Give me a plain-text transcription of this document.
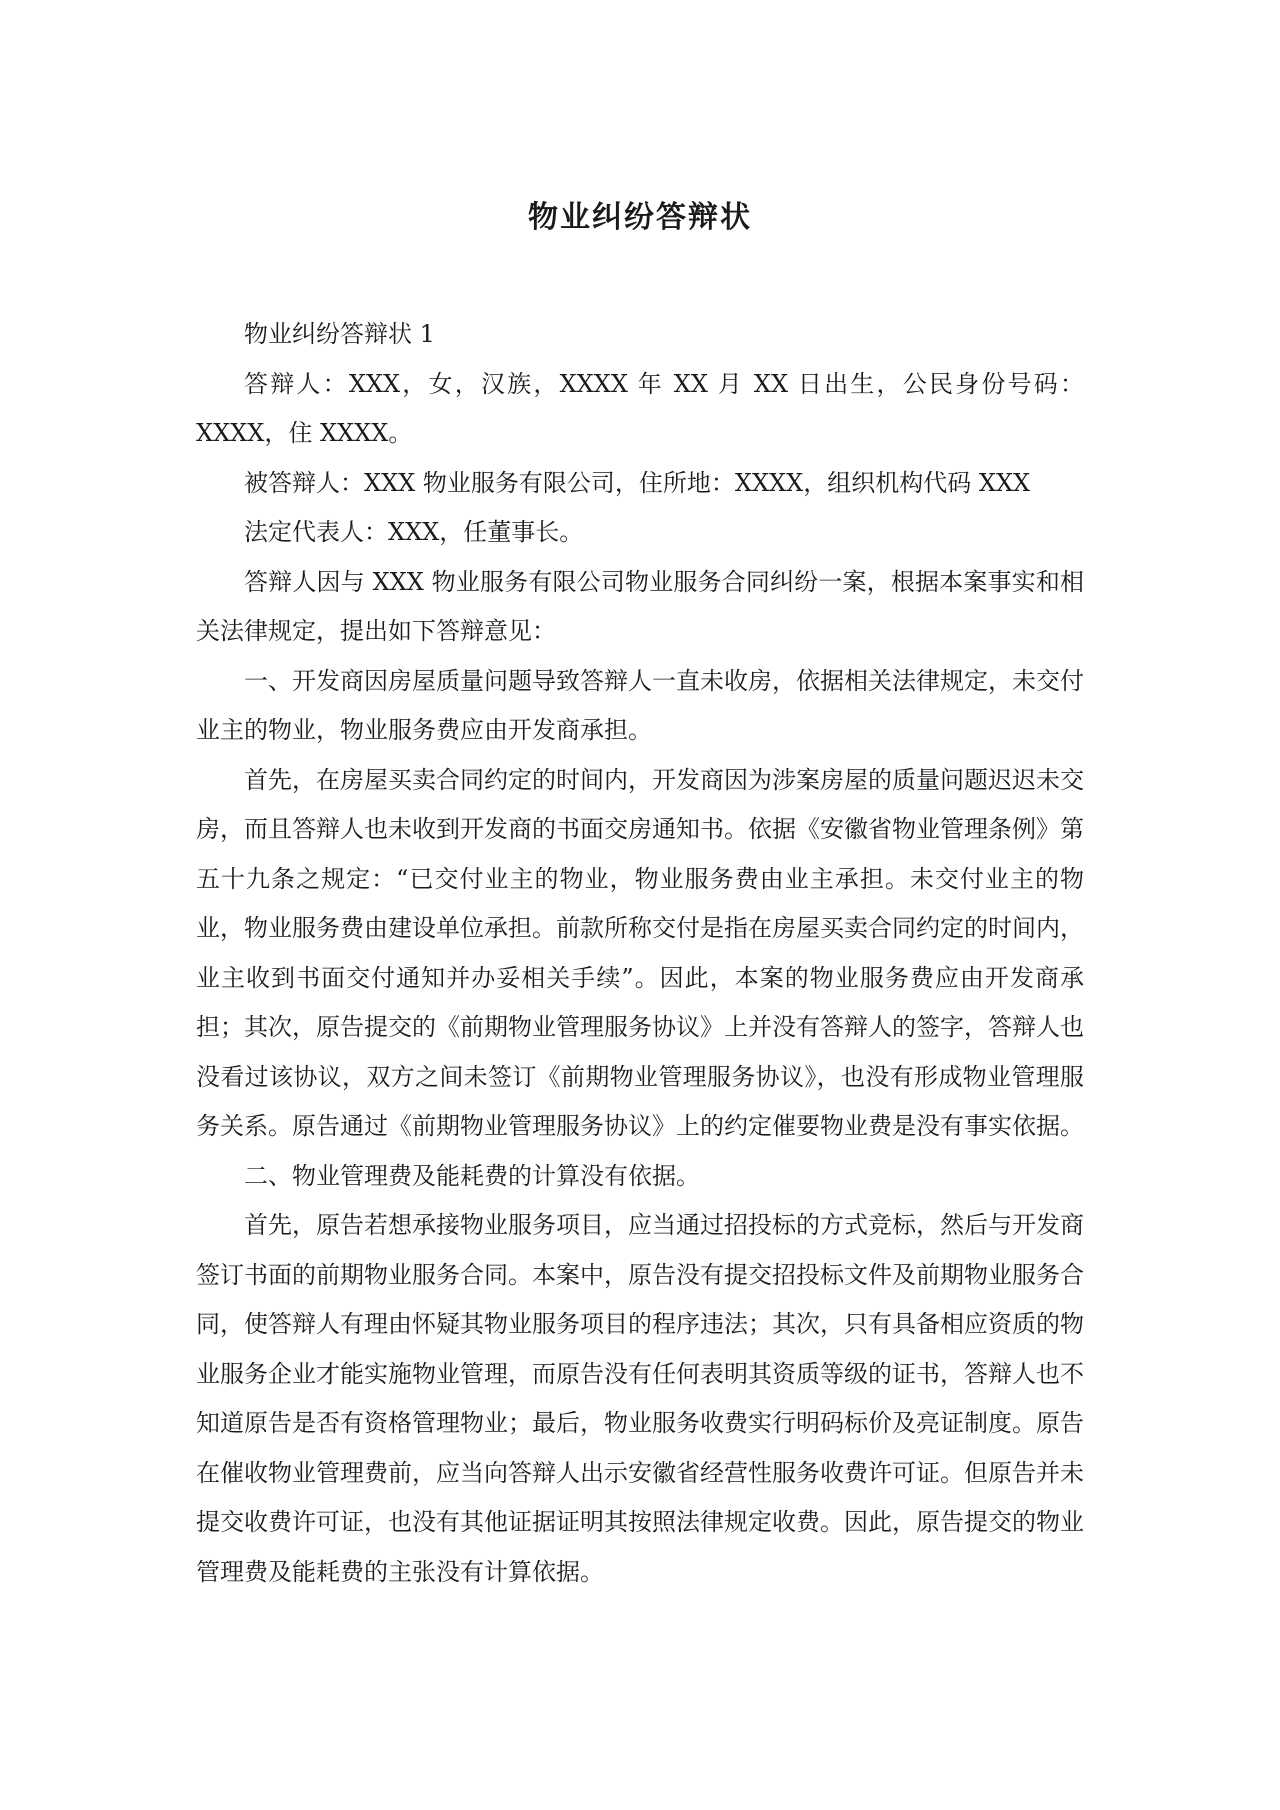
物业纠纷答辩状

物业纠纷答辩状 1

答辩人：XXX，女，汉族，XXXX 年 XX 月 XX 日出生，公民身份号码：XXXX，住 XXXX。

被答辩人：XXX 物业服务有限公司，住所地：XXXX，组织机构代码 XXX

法定代表人：XXX，任董事长。

答辩人因与 XXX 物业服务有限公司物业服务合同纠纷一案，根据本案事实和相关法律规定，提出如下答辩意见：

一、开发商因房屋质量问题导致答辩人一直未收房，依据相关法律规定，未交付业主的物业，物业服务费应由开发商承担。

首先，在房屋买卖合同约定的时间内，开发商因为涉案房屋的质量问题迟迟未交房，而且答辩人也未收到开发商的书面交房通知书。依据《安徽省物业管理条例》第五十九条之规定：“已交付业主的物业，物业服务费由业主承担。未交付业主的物业，物业服务费由建设单位承担。前款所称交付是指在房屋买卖合同约定的时间内，业主收到书面交付通知并办妥相关手续”。因此，本案的物业服务费应由开发商承担；其次，原告提交的《前期物业管理服务协议》上并没有答辩人的签字，答辩人也没看过该协议，双方之间未签订《前期物业管理服务协议》，也没有形成物业管理服务关系。原告通过《前期物业管理服务协议》上的约定催要物业费是没有事实依据。

二、物业管理费及能耗费的计算没有依据。

首先，原告若想承接物业服务项目，应当通过招投标的方式竞标，然后与开发商签订书面的前期物业服务合同。本案中，原告没有提交招投标文件及前期物业服务合同，使答辩人有理由怀疑其物业服务项目的程序违法；其次，只有具备相应资质的物业服务企业才能实施物业管理，而原告没有任何表明其资质等级的证书，答辩人也不知道原告是否有资格管理物业；最后，物业服务收费实行明码标价及亮证制度。原告在催收物业管理费前，应当向答辩人出示安徽省经营性服务收费许可证。但原告并未提交收费许可证，也没有其他证据证明其按照法律规定收费。因此，原告提交的物业管理费及能耗费的主张没有计算依据。
